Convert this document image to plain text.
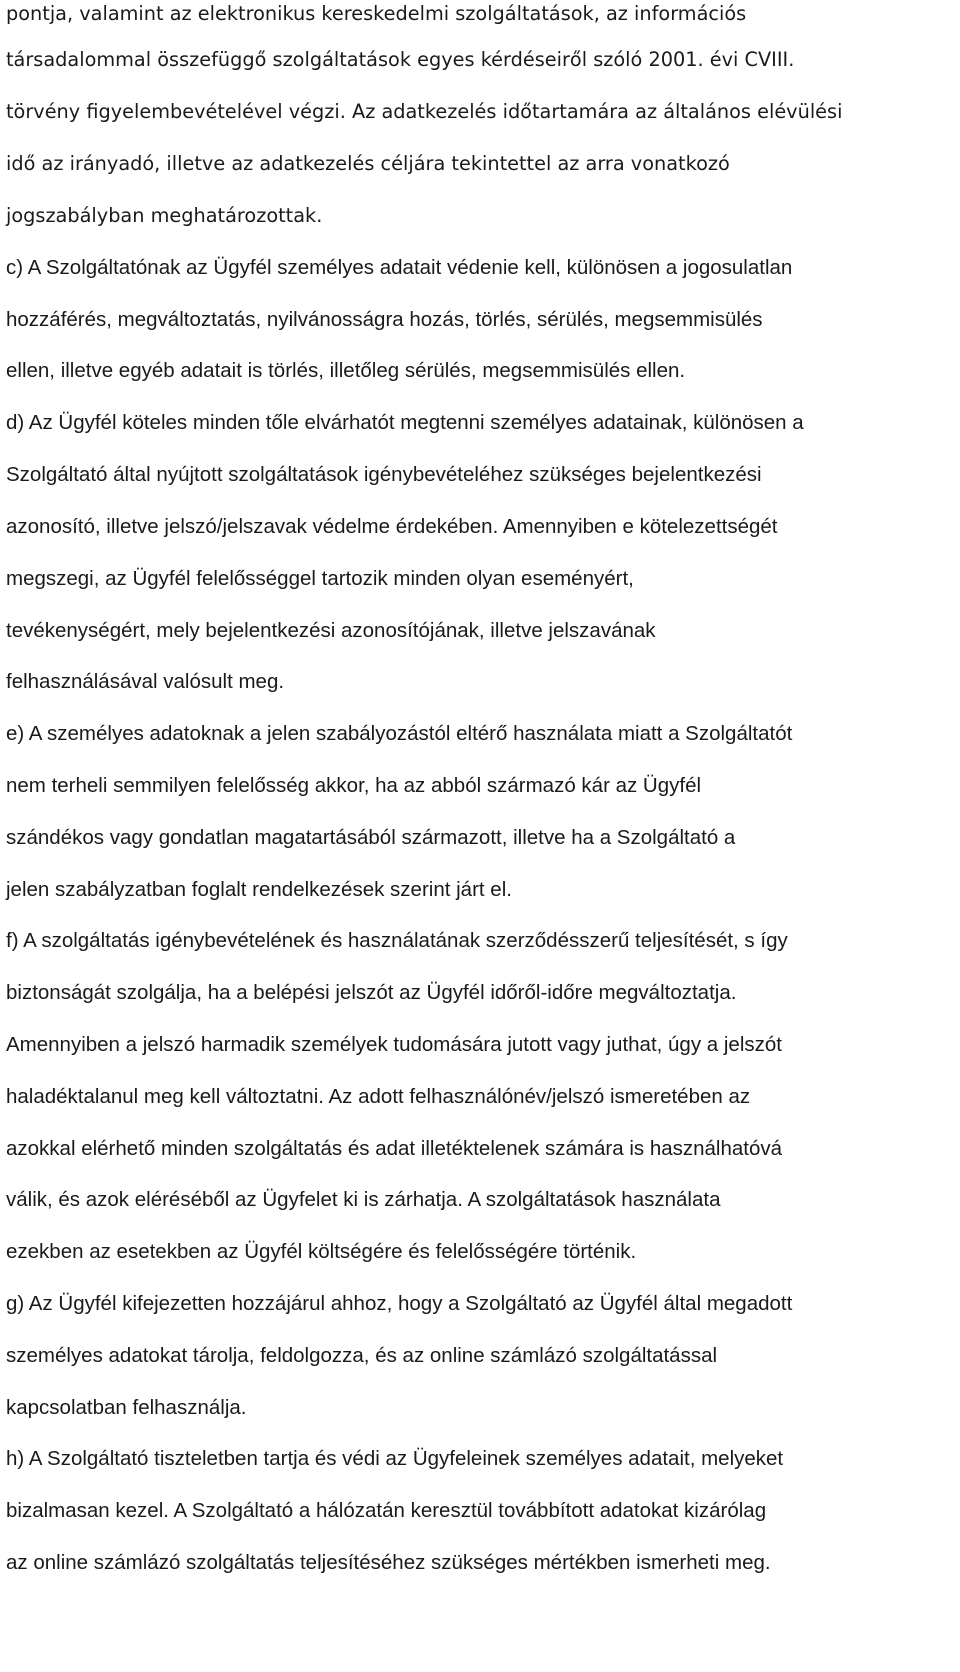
pontja, valamint az elektronikus kereskedelmi szolgáltatások, az információs
társadalommal összefüggő szolgáltatások egyes kérdéseiről szóló 2001. évi CVIII.
törvény figyelembevételével végzi. Az adatkezelés időtartamára az általános elévülési
idő az irányadó, illetve az adatkezelés céljára tekintettel az arra vonatkozó
jogszabályban meghatározottak.
c) A Szolgáltatónak az Ügyfél személyes adatait védenie kell, különösen a jogosulatlan
hozzáférés, megváltoztatás, nyilvánosságra hozás, törlés, sérülés, megsemmisülés
ellen, illetve egyéb adatait is törlés, illetőleg sérülés, megsemmisülés ellen.
d) Az Ügyfél köteles minden tőle elvárhatót megtenni személyes adatainak, különösen a
Szolgáltató által nyújtott szolgáltatások igénybevételéhez szükséges bejelentkezési
azonosító, illetve jelszó/jelszavak védelme érdekében. Amennyiben e kötelezettségét
megszegi, az Ügyfél felelősséggel tartozik minden olyan eseményért,
tevékenységért, mely bejelentkezési azonosítójának, illetve jelszavának
felhasználásával valósult meg.
e) A személyes adatoknak a jelen szabályozástól eltérő használata miatt a Szolgáltatót
nem terheli semmilyen felelősség akkor, ha az abból származó kár az Ügyfél
szándékos vagy gondatlan magatartásából származott, illetve ha a Szolgáltató a
jelen szabályzatban foglalt rendelkezések szerint járt el.
f) A szolgáltatás igénybevételének és használatának szerződésszerű teljesítését, s így
biztonságát szolgálja, ha a belépési jelszót az Ügyfél időről-időre megváltoztatja.
Amennyiben a jelszó harmadik személyek tudomására jutott vagy juthat, úgy a jelszót
haladéktalanul meg kell változtatni. Az adott felhasználónév/jelszó ismeretében az
azokkal elérhető minden szolgáltatás és adat illetéktelenek számára is használhatóvá
válik, és azok eléréséből az Ügyfelet ki is zárhatja. A szolgáltatások használata
ezekben az esetekben az Ügyfél költségére és felelősségére történik.
g) Az Ügyfél kifejezetten hozzájárul ahhoz, hogy a Szolgáltató az Ügyfél által megadott
személyes adatokat tárolja, feldolgozza, és az online számlázó szolgáltatással
kapcsolatban felhasználja.
h) A Szolgáltató tiszteletben tartja és védi az Ügyfeleinek személyes adatait, melyeket
bizalmasan kezel. A Szolgáltató a hálózatán keresztül továbbított adatokat kizárólag
az online számlázó szolgáltatás teljesítéséhez szükséges mértékben ismerheti meg.
